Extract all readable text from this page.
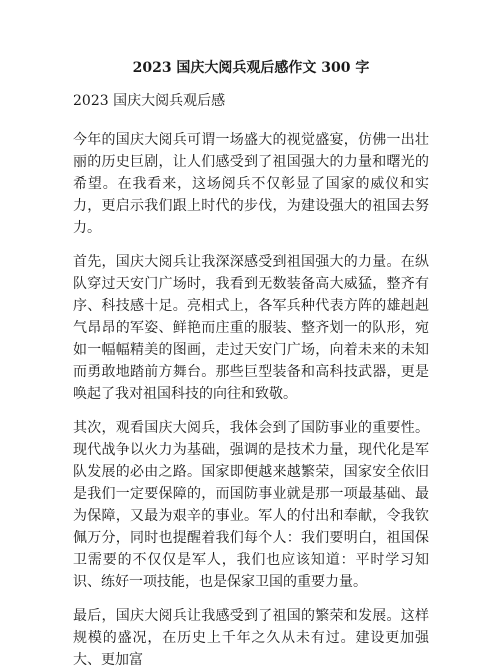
2023 国庆大阅兵观后感作文 300 字
2023 国庆大阅兵观后感

今年的国庆大阅兵可谓一场盛大的视觉盛宴，仿佛一出壮丽的历史巨剧，让人们感受到了祖国强大的力量和曙光的希望。在我看来，这场阅兵不仅彰显了国家的威仪和实力，更启示我们跟上时代的步伐，为建设强大的祖国去努力。

首先，国庆大阅兵让我深深感受到祖国强大的力量。在纵队穿过天安门广场时，我看到无数装备高大威猛，整齐有序、科技感十足。亮相式上，各军兵种代表方阵的雄赳赳气昂昂的军姿、鲜艳而庄重的服装、整齐划一的队形，宛如一幅幅精美的图画，走过天安门广场，向着未来的未知而勇敢地踏前方舞台。那些巨型装备和高科技武器，更是唤起了我对祖国科技的向往和致敬。

其次，观看国庆大阅兵，我体会到了国防事业的重要性。现代战争以火力为基础，强调的是技术力量，现代化是军队发展的必由之路。国家即便越来越繁荣，国家安全依旧是我们一定要保障的，而国防事业就是那一项最基础、最为保障，又最为艰辛的事业。军人的付出和奉献，令我钦佩万分，同时也提醒着我们每个人：我们要明白，祖国保卫需要的不仅仅是军人，我们也应该知道：平时学习知识、练好一项技能，也是保家卫国的重要力量。

最后，国庆大阅兵让我感受到了祖国的繁荣和发展。这样规模的盛况，在历史上千年之久从未有过。建设更加强大、更加富
